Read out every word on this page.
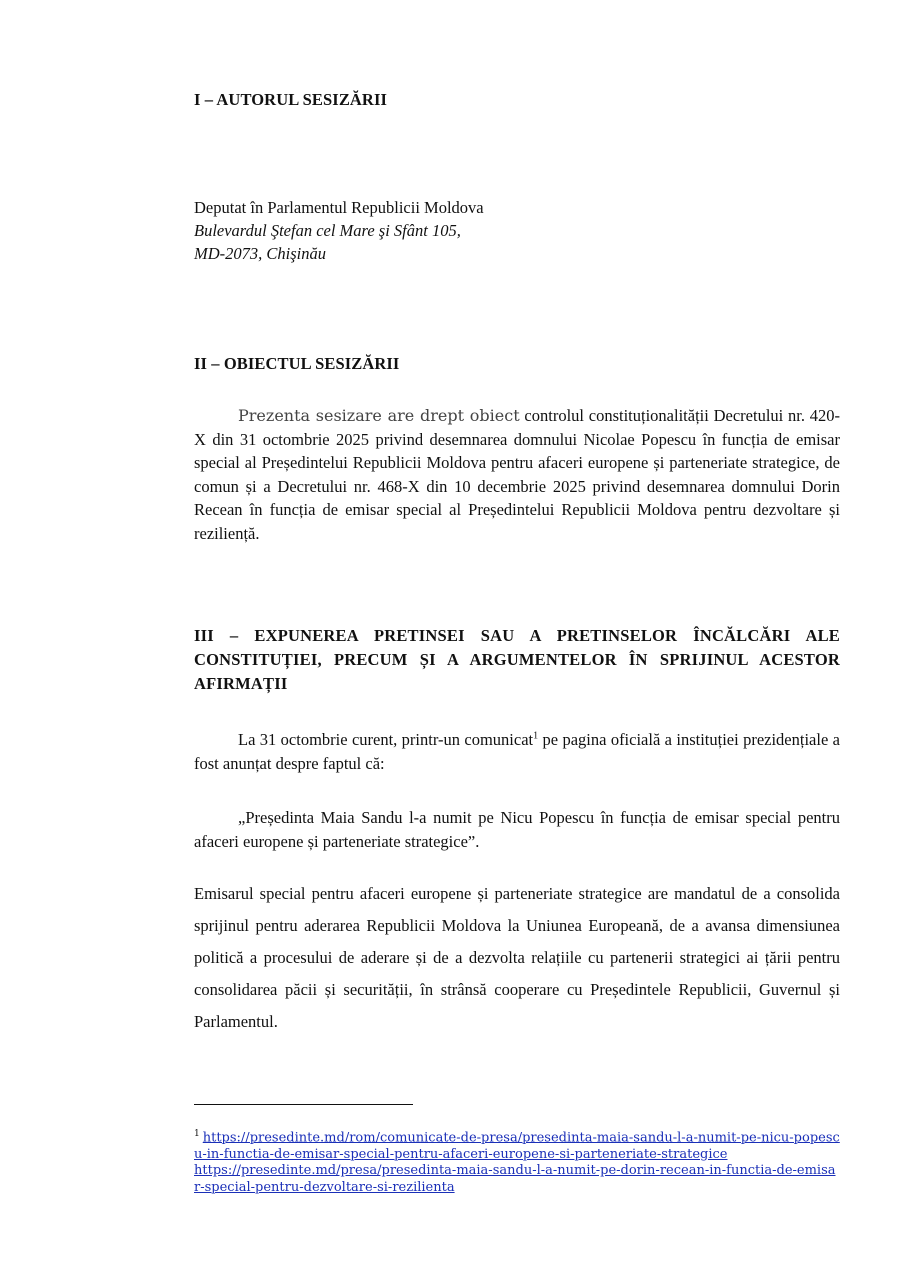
I – AUTORUL SESIZĂRII

Deputat în Parlamentul Republicii Moldova

Bulevardul Ştefan cel Mare şi Sfânt 105,

MD-2073, Chişinău

II – OBIECTUL SESIZĂRII

Prezenta sesizare are drept obiect controlul constituționalității Decretului nr. 420-X din 31 octombrie 2025 privind desemnarea domnului Nicolae Popescu în funcția de emisar special al Președintelui Republicii Moldova pentru afaceri europene și parteneriate strategice, de comun și a Decretului nr. 468-X din 10 decembrie 2025 privind desemnarea domnului Dorin Recean în funcția de emisar special al Președintelui Republicii Moldova pentru dezvoltare și reziliență.

III – EXPUNEREA PRETINSEI SAU A PRETINSELOR ÎNCĂLCĂRI ALE CONSTITUȚIEI, PRECUM ȘI A ARGUMENTELOR ÎN SPRIJINUL ACESTOR AFIRMAȚII

La 31 octombrie curent, printr-un comunicat$^1$ pe pagina oficială a instituției prezidențiale a fost anunțat despre faptul că:

„Președinta Maia Sandu l-a numit pe Nicu Popescu în funcția de emisar special pentru afaceri europene și parteneriate strategice”.

Emisarul special pentru afaceri europene și parteneriate strategice are mandatul de a consolida sprijinul pentru aderarea Republicii Moldova la Uniunea Europeană, de a avansa dimensiunea politică a procesului de aderare și de a dezvolta relațiile cu partenerii strategici ai țării pentru consolidarea păcii și securității, în strânsă cooperare cu Președintele Republicii, Guvernul și Parlamentul.

$^1$ https://presedinte.md/rom/comunicate-de-presa/presedinta-maia-sandu-l-a-numit-pe-nicu-popescu-in-functia-de-emisar-special-pentru-afaceri-europene-si-parteneriate-strategice
https://presedinte.md/presa/presedinta-maia-sandu-l-a-numit-pe-dorin-recean-in-functia-de-emisar-special-pentru-dezvoltare-si-rezilienta
